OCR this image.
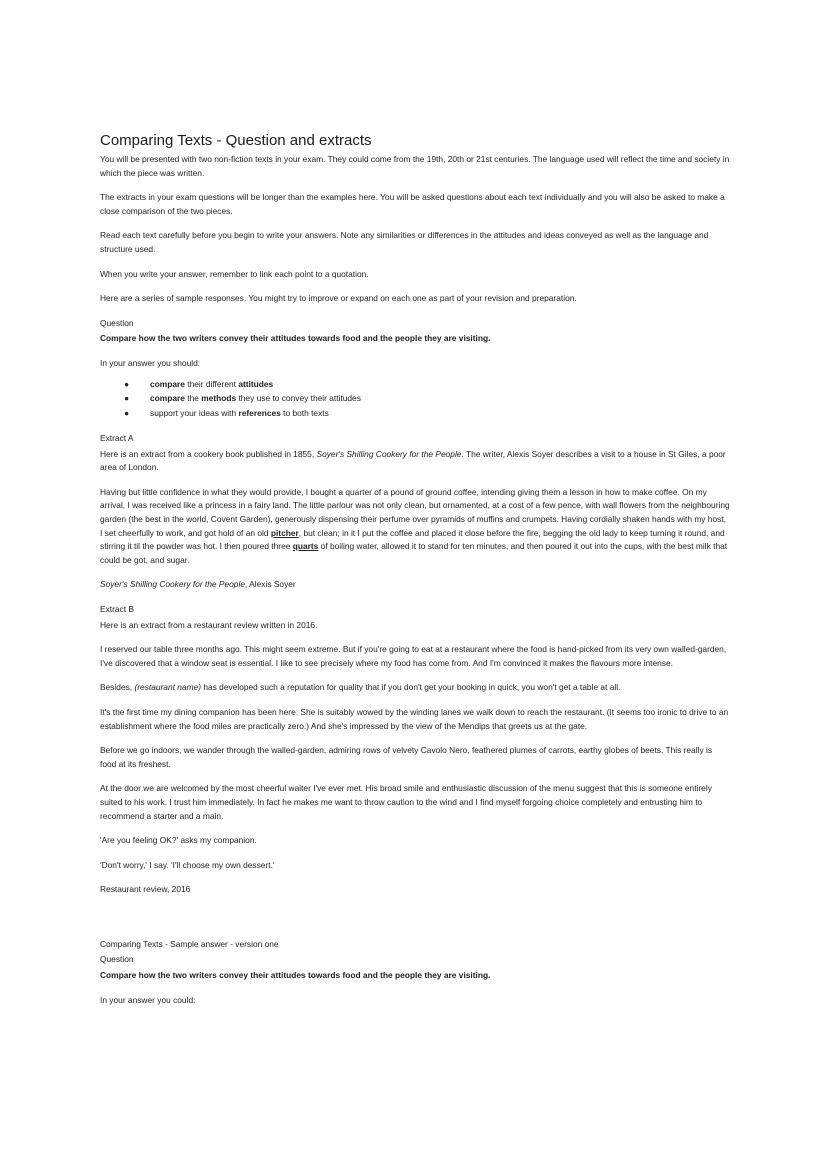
Comparing Texts - Question and extracts

You will be presented with two non-fiction texts in your exam. They could come from the 19th, 20th or 21st centuries. The language used will reflect the time and society in which the piece was written.

The extracts in your exam questions will be longer than the examples here. You will be asked questions about each text individually and you will also be asked to make a close comparison of the two pieces.

Read each text carefully before you begin to write your answers. Note any similarities or differences in the attitudes and ideas conveyed as well as the language and structure used.

When you write your answer, remember to link each point to a quotation.

Here are a series of sample responses. You might try to improve or expand on each one as part of your revision and preparation.

Question

Compare how the two writers convey their attitudes towards food and the people they are visiting.

In your answer you should:

● compare their different attitudes
● compare the methods they use to convey their attitudes
● support your ideas with references to both texts

Extract A

Here is an extract from a cookery book published in 1855, Soyer's Shilling Cookery for the People. The writer, Alexis Soyer describes a visit to a house in St Giles, a poor area of London.

Having but little confidence in what they would provide, I bought a quarter of a pound of ground coffee, intending giving them a lesson in how to make coffee. On my arrival, I was received like a princess in a fairy land. The little parlour was not only clean, but ornamented, at a cost of a few pence, with wall flowers from the neighbouring garden (the best in the world, Covent Garden), generously dispensing their perfume over pyramids of muffins and crumpets. Having cordially shaken hands with my host, I set cheerfully to work, and got hold of an old pitcher, but clean; in it I put the coffee and placed it close before the fire, begging the old lady to keep turning it round, and stirring it til the powder was hot. I then poured three quarts of boiling water, allowed it to stand for ten minutes, and then poured it out into the cups, with the best milk that could be got, and sugar.

Soyer's Shilling Cookery for the People, Alexis Soyer

Extract B

Here is an extract from a restaurant review written in 2016.

I reserved our table three months ago. This might seem extreme. But if you're going to eat at a restaurant where the food is hand-picked from its very own walled-garden, I've discovered that a window seat is essential. I like to see precisely where my food has come from. And I'm convinced it makes the flavours more intense.

Besides, (restaurant name) has developed such a reputation for quality that if you don't get your booking in quick, you won't get a table at all.

It's the first time my dining companion has been here. She is suitably wowed by the winding lanes we walk down to reach the restaurant. (It seems too ironic to drive to an establishment where the food miles are practically zero.) And she's impressed by the view of the Mendips that greets us at the gate.

Before we go indoors, we wander through the walled-garden, admiring rows of velvety Cavolo Nero, feathered plumes of carrots, earthy globes of beets. This really is food at its freshest.

At the door we are welcomed by the most cheerful waiter I've ever met. His broad smile and enthusiastic discussion of the menu suggest that this is someone entirely suited to his work. I trust him immediately. In fact he makes me want to throw caution to the wind and I find myself forgoing choice completely and entrusting him to recommend a starter and a main.

'Are you feeling OK?' asks my companion.

'Don't worry,' I say. 'I'll choose my own dessert.'

Restaurant review, 2016

Comparing Texts - Sample answer - version one

Question

Compare how the two writers convey their attitudes towards food and the people they are visiting.

In your answer you could:
